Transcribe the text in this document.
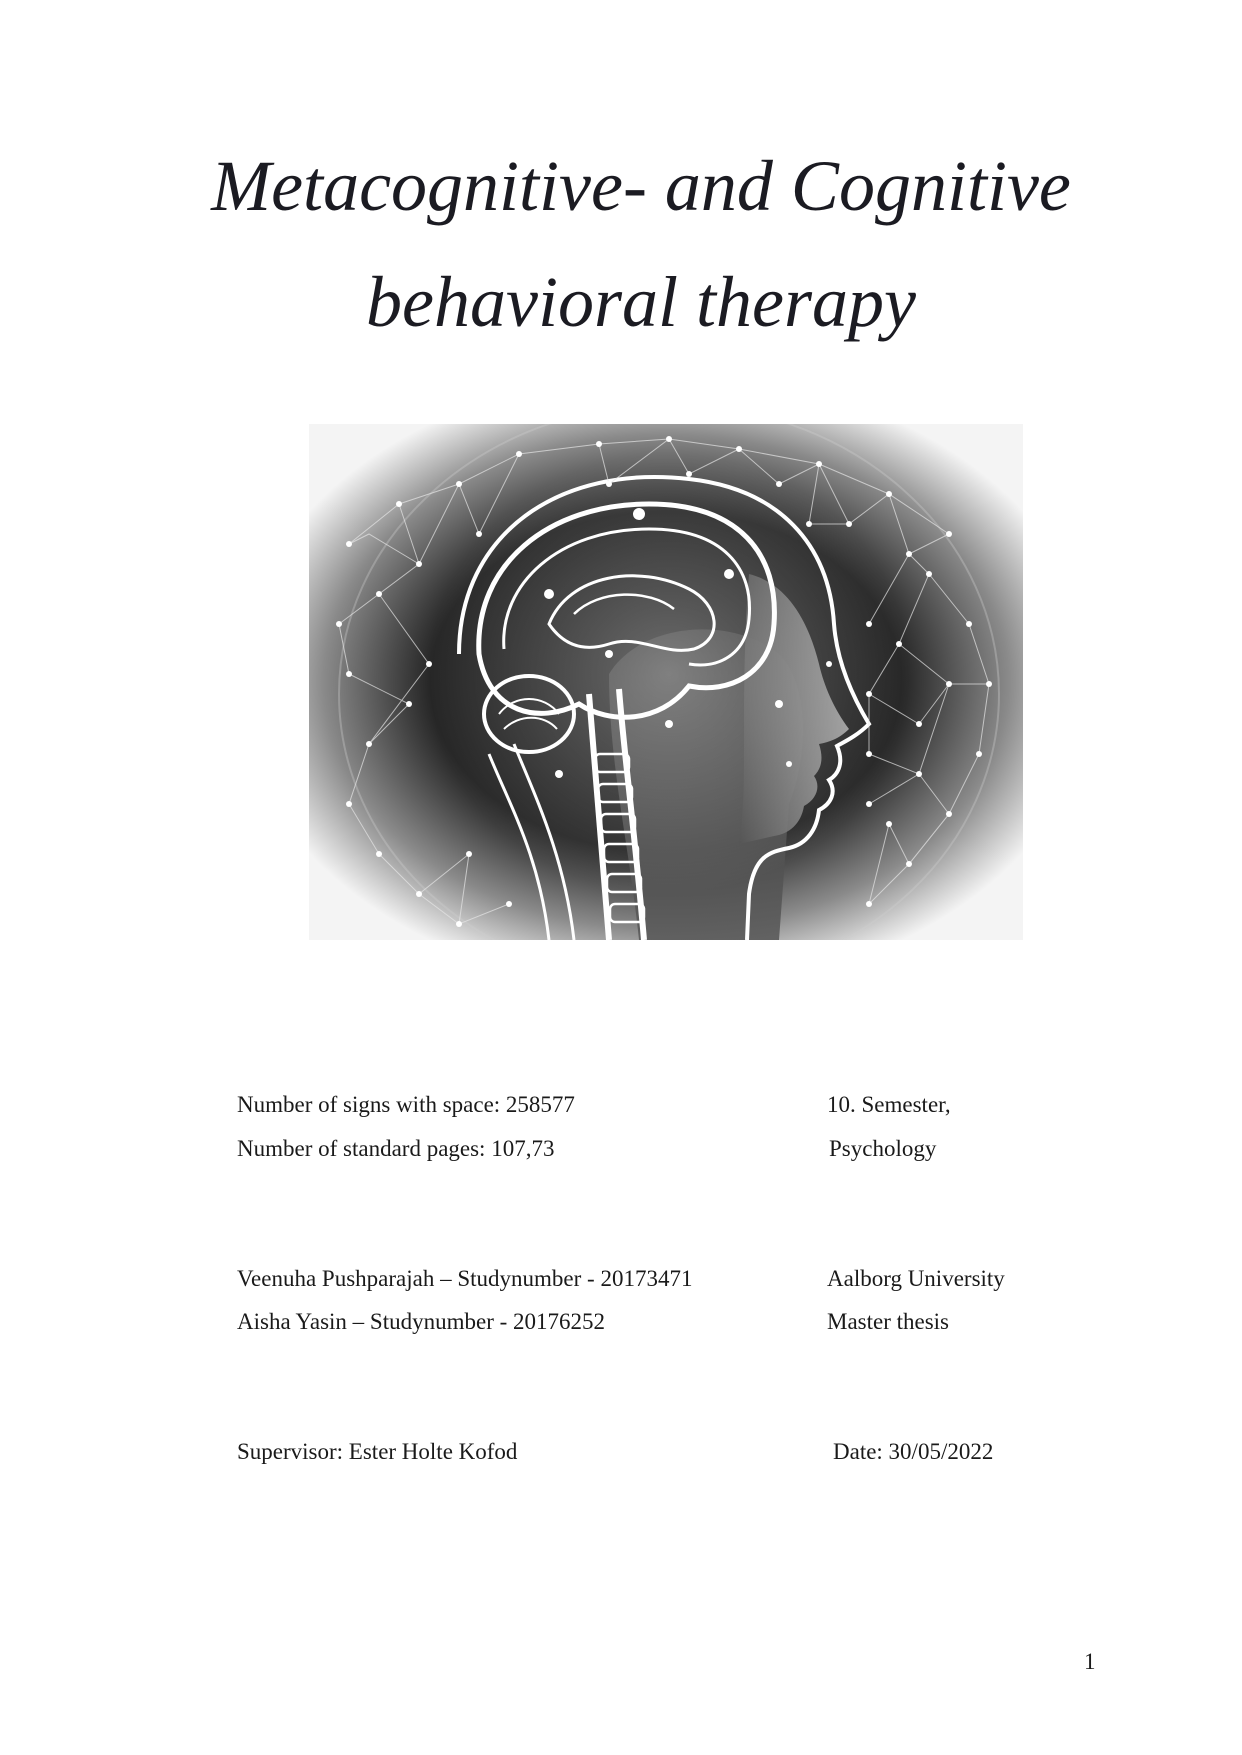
Metacognitive- and Cognitive
behavioral therapy
Number of signs with space: 258577	10. Semester,
Number of standard pages: 107,73	Psychology
Veenuha Pushparajah – Studynumber - 20173471	Aalborg University
Aisha Yasin – Studynumber - 20176252	Master thesis
Supervisor: Ester Holte Kofod	Date: 30/05/2022
1
